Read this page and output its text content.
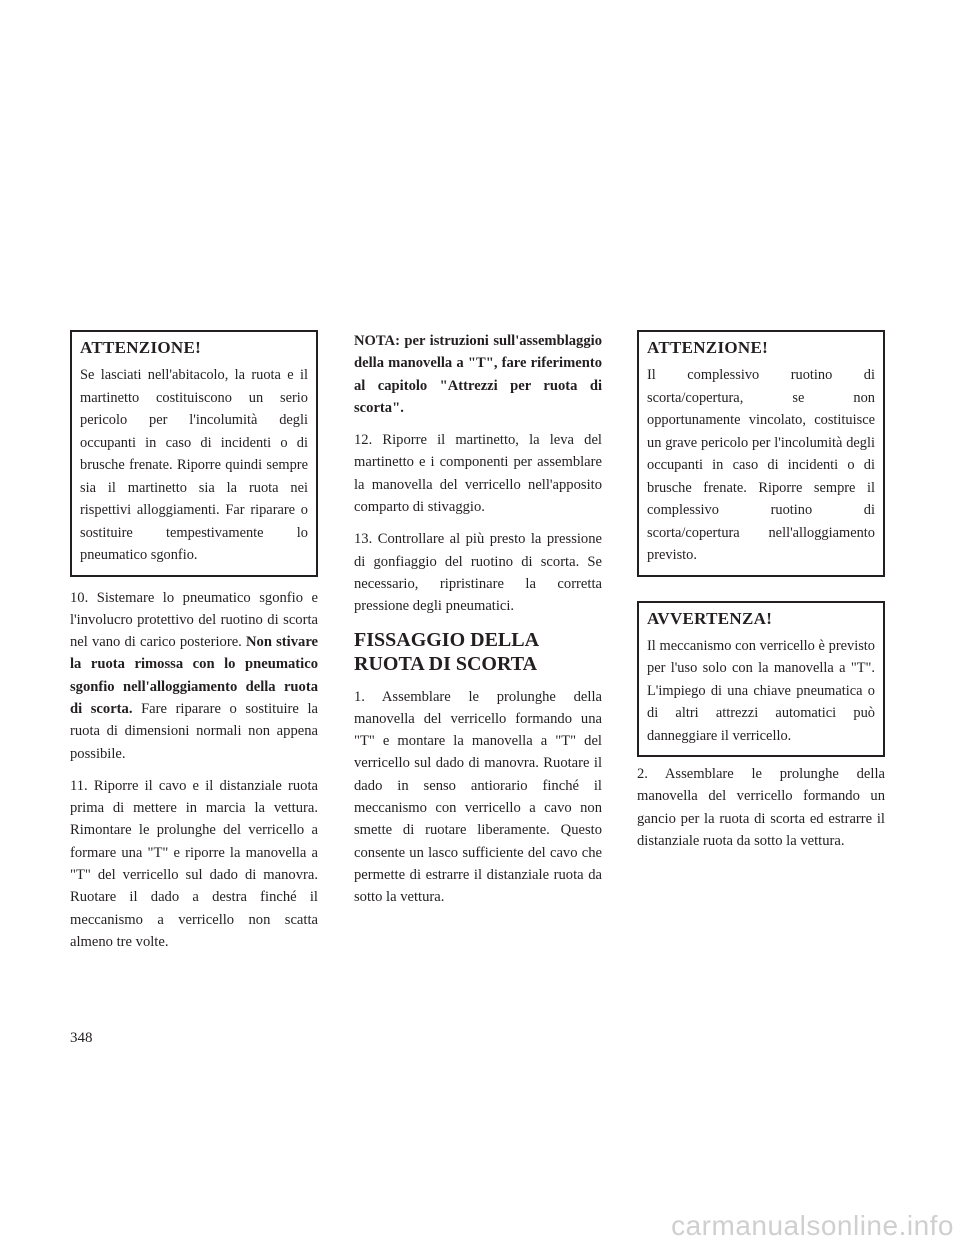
ATTENZIONE!

Se lasciati nell'abitacolo, la ruota e il martinetto costituiscono un serio pericolo per l'incolumità degli occupanti in caso di incidenti o di brusche frenate. Riporre quindi sempre sia il martinetto sia la ruota nei rispettivi alloggiamenti. Far riparare o sostituire tempestivamente lo pneumatico sgonfio.

10. Sistemare lo pneumatico sgonfio e l'involucro protettivo del ruotino di scorta nel vano di carico posteriore. Non stivare la ruota rimossa con lo pneumatico sgonfio nell'alloggiamento della ruota di scorta. Fare riparare o sostituire la ruota di dimensioni normali non appena possibile.

11. Riporre il cavo e il distanziale ruota prima di mettere in marcia la vettura. Rimontare le prolunghe del verricello a formare una "T" e riporre la manovella a "T" del verricello sul dado di manovra. Ruotare il dado a destra finché il meccanismo a verricello non scatta almeno tre volte.

NOTA: per istruzioni sull'assemblaggio della manovella a "T", fare riferimento al capitolo "Attrezzi per ruota di scorta".

12. Riporre il martinetto, la leva del martinetto e i componenti per assemblare la manovella del verricello nell'apposito comparto di stivaggio.

13. Controllare al più presto la pressione di gonfiaggio del ruotino di scorta. Se necessario, ripristinare la corretta pressione degli pneumatici.

FISSAGGIO DELLA RUOTA DI SCORTA

1. Assemblare le prolunghe della manovella del verricello formando una "T" e montare la manovella a "T" del verricello sul dado di manovra. Ruotare il dado in senso antiorario finché il meccanismo con verricello a cavo non smette di ruotare liberamente. Questo consente un lasco sufficiente del cavo che permette di estrarre il distanziale ruota da sotto la vettura.

ATTENZIONE!

Il complessivo ruotino di scorta/copertura, se non opportunamente vincolato, costituisce un grave pericolo per l'incolumità degli occupanti in caso di incidenti o di brusche frenate. Riporre sempre il complessivo ruotino di scorta/copertura nell'alloggiamento previsto.

AVVERTENZA!

Il meccanismo con verricello è previsto per l'uso solo con la manovella a "T". L'impiego di una chiave pneumatica o di altri attrezzi automatici può danneggiare il verricello.

2. Assemblare le prolunghe della manovella del verricello formando un gancio per la ruota di scorta ed estrarre il distanziale ruota da sotto la vettura.

348
carmanualsonline.info
